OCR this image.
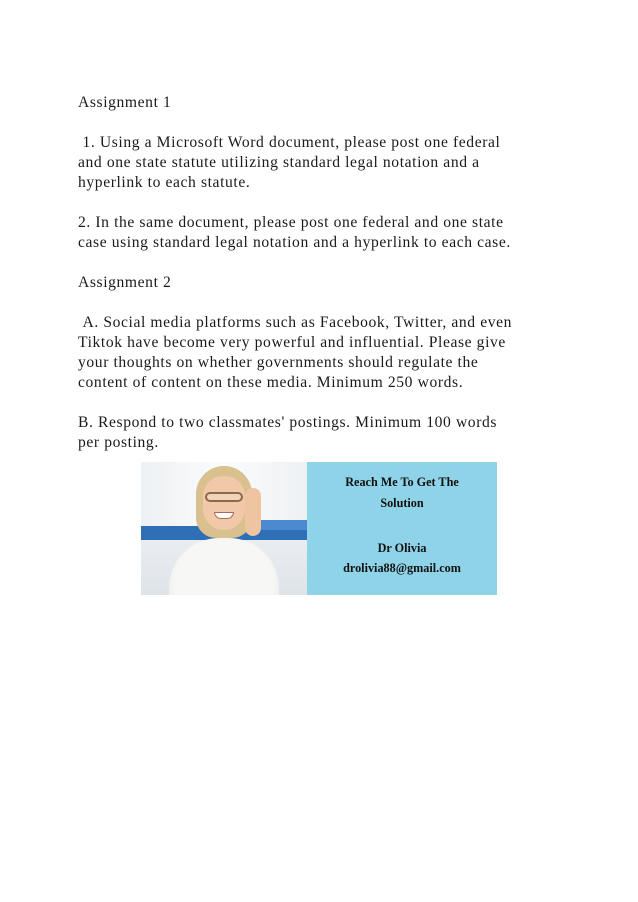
Assignment 1

1. Using a Microsoft Word document, please post one federal
and one state statute utilizing standard legal notation and a
hyperlink to each statute.

2. In the same document, please post one federal and one state
case using standard legal notation and a hyperlink to each case.

Assignment 2

A. Social media platforms such as Facebook, Twitter, and even
Tiktok have become very powerful and influential. Please give
your thoughts on whether governments should regulate the
content of content on these media. Minimum 250 words.

B. Respond to two classmates' postings. Minimum 100 words
per posting.

Reach Me To Get The
Solution
Dr Olivia
drolivia88@gmail.com
